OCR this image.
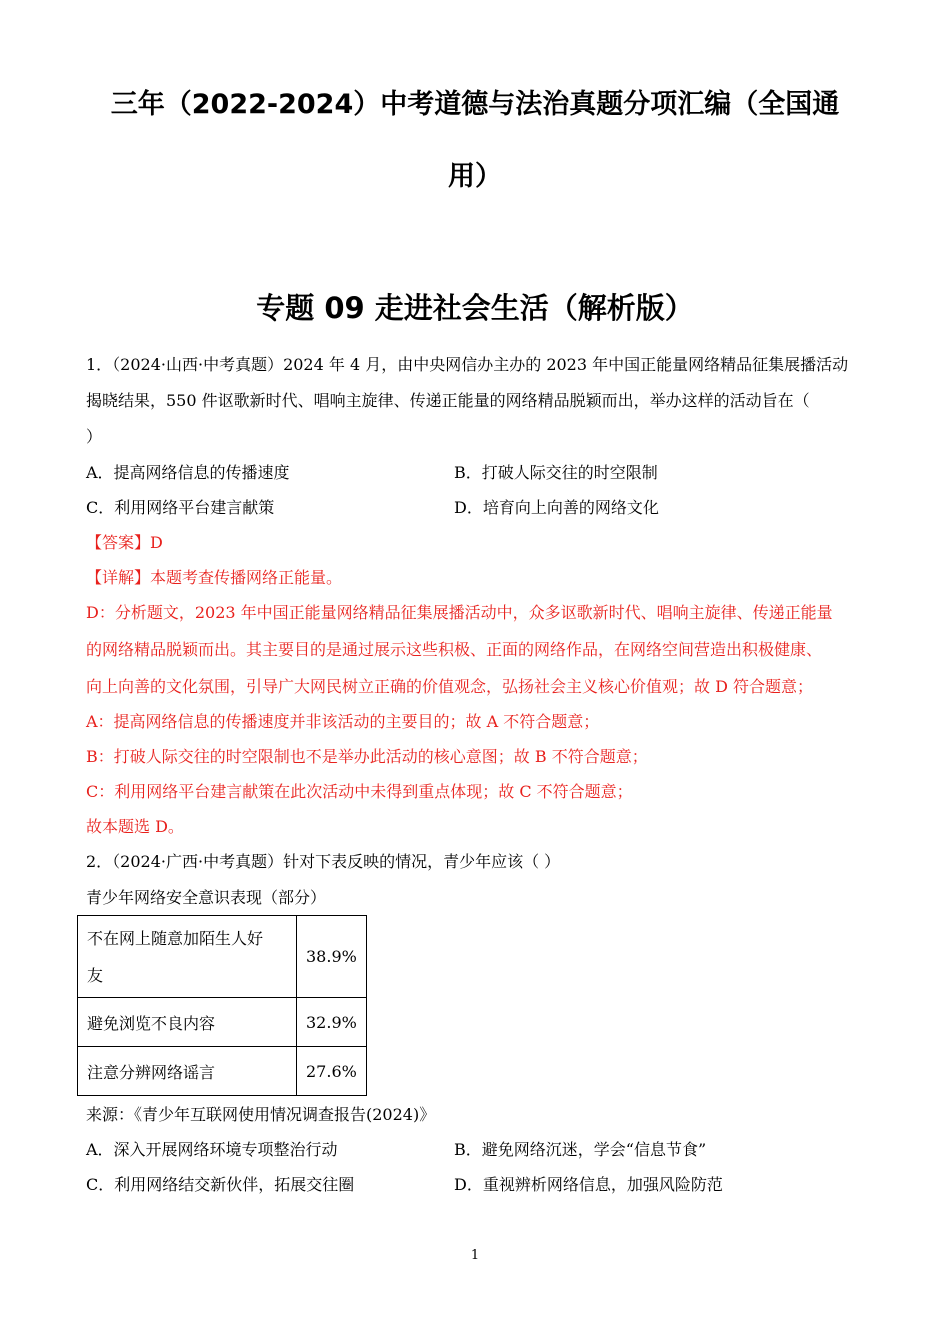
三年（2022-2024）中考道德与法治真题分项汇编（全国通
用）
专题 09 走进社会生活（解析版）
1．（2024·山西·中考真题）2024 年 4 月，由中央网信办主办的 2023 年中国正能量网络精品征集展播活动
揭晓结果，550 件讴歌新时代、唱响主旋律、传递正能量的网络精品脱颖而出，举办这样的活动旨在（
）
A．提高网络信息的传播速度	B．打破人际交往的时空限制
C．利用网络平台建言献策	D．培育向上向善的网络文化
【答案】D
【详解】本题考查传播网络正能量。
D：分析题文，2023 年中国正能量网络精品征集展播活动中，众多讴歌新时代、唱响主旋律、传递正能量
的网络精品脱颖而出。其主要目的是通过展示这些积极、正面的网络作品，在网络空间营造出积极健康、
向上向善的文化氛围，引导广大网民树立正确的价值观念，弘扬社会主义核心价值观；故 D 符合题意；
A：提高网络信息的传播速度并非该活动的主要目的；故 A 不符合题意；
B：打破人际交往的时空限制也不是举办此活动的核心意图；故 B 不符合题意；
C：利用网络平台建言献策在此次活动中未得到重点体现；故 C 不符合题意；
故本题选 D。
2．（2024·广西·中考真题）针对下表反映的情况，青少年应该（ ）
青少年网络安全意识表现（部分）
不在网上随意加陌生人好
友	38.9%
避免浏览不良内容	32.9%
注意分辨网络谣言	27.6%
来源：《青少年互联网使用情况调查报告(2024)》
A．深入开展网络环境专项整治行动	B．避免网络沉迷，学会“信息节食”
C．利用网络结交新伙伴，拓展交往圈	D．重视辨析网络信息，加强风险防范
1
